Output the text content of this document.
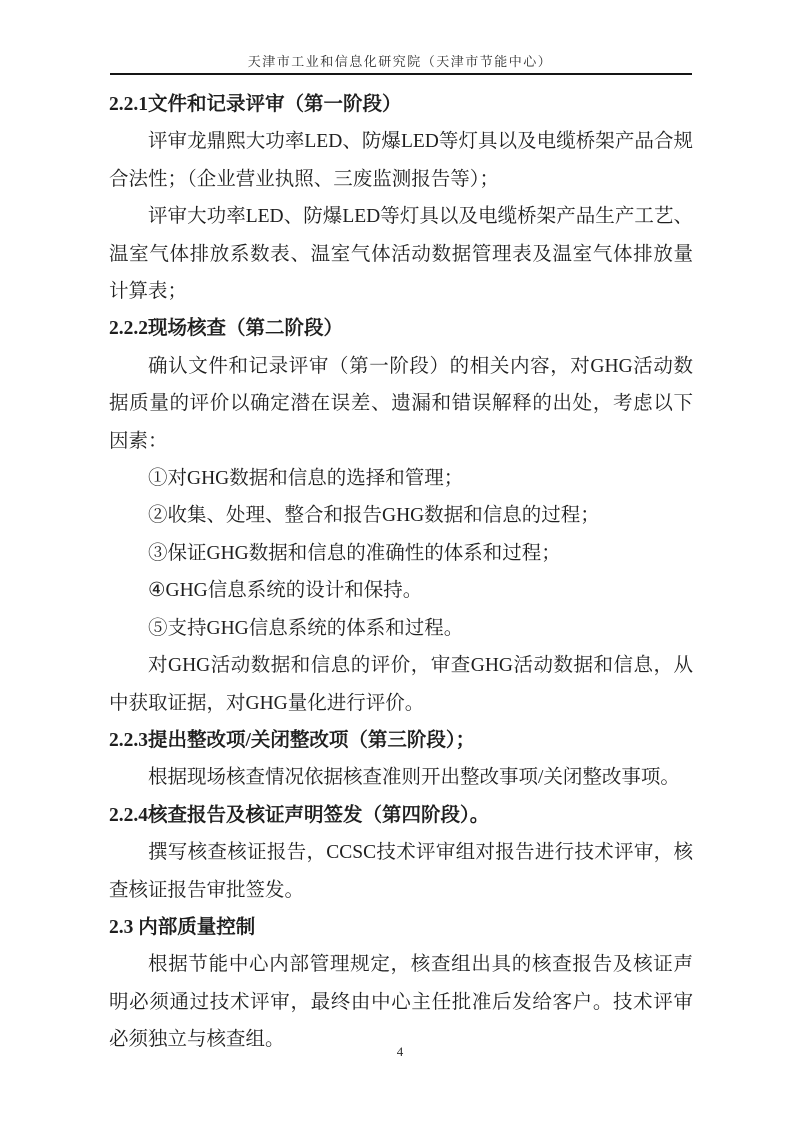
天津市工业和信息化研究院（天津市节能中心）

2.2.1文件和记录评审（第一阶段）

评审龙鼎熙大功率LED、防爆LED等灯具以及电缆桥架产品合规合法性；（企业营业执照、三废监测报告等）；

评审大功率LED、防爆LED等灯具以及电缆桥架产品生产工艺、温室气体排放系数表、温室气体活动数据管理表及温室气体排放量计算表；

2.2.2现场核查（第二阶段）

确认文件和记录评审（第一阶段）的相关内容，对GHG活动数据质量的评价以确定潜在误差、遗漏和错误解释的出处，考虑以下因素：

①对GHG数据和信息的选择和管理；

②收集、处理、整合和报告GHG数据和信息的过程；

③保证GHG数据和信息的准确性的体系和过程；

④GHG信息系统的设计和保持。

⑤支持GHG信息系统的体系和过程。

对GHG活动数据和信息的评价，审查GHG活动数据和信息，从中获取证据，对GHG量化进行评价。

2.2.3提出整改项/关闭整改项（第三阶段）；

根据现场核查情况依据核查准则开出整改事项/关闭整改事项。

2.2.4核查报告及核证声明签发（第四阶段）。

撰写核查核证报告，CCSC技术评审组对报告进行技术评审，核查核证报告审批签发。

2.3 内部质量控制

根据节能中心内部管理规定，核查组出具的核查报告及核证声明必须通过技术评审，最终由中心主任批准后发给客户。技术评审必须独立与核查组。

4
